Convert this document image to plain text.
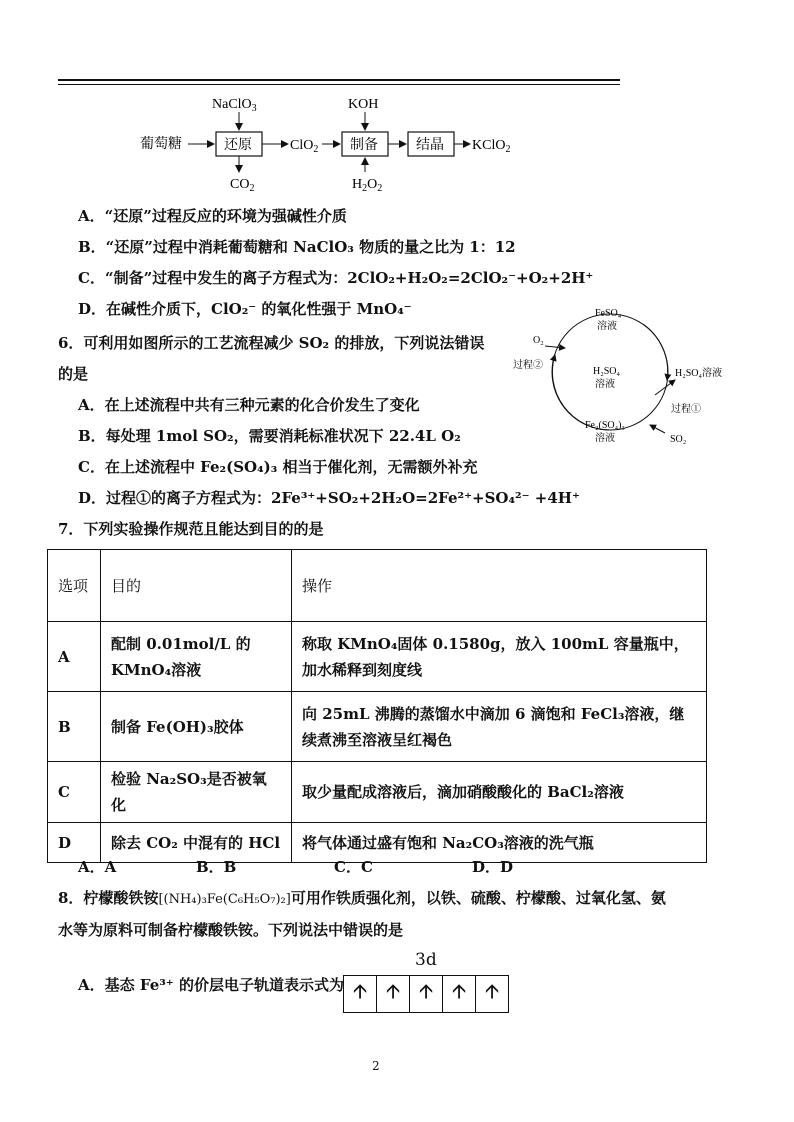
葡萄糖	还原
NaClO$_3$
$CO_2$
ClO$_2$ 制备
KOH
$H_2O_2$
结晶 KClO$_2$
A．“还原”过程反应的环境为强碱性介质
B．“还原”过程中消耗葡萄糖和 NaClO₃ 物质的量之比为 1：12
C．“制备”过程中发生的离子方程式为：2ClO₂+H₂O₂=2ClO₂⁻+O₂+2H⁺
D．在碱性介质下，ClO₂⁻ 的氧化性强于 MnO₄⁻
6．可利用如图所示的工艺流程减少 SO₂ 的排放，下列说法错误
的是
A．在上述流程中共有三种元素的化合价发生了变化
B．每处理 1mol SO₂，需要消耗标准状况下 22.4L O₂
C．在上述流程中 Fe₂(SO₄)₃ 相当于催化剂，无需额外补充
D．过程①的离子方程式为：2Fe³⁺+SO₂+2H₂O=2Fe²⁺+SO₄²⁻ +4H⁺
FeSO₄
溶液
O₂
过程②
H₂SO₄
溶液
H₂SO₄溶液
过程①
Fe₂(SO₄)₃
溶液	SO₂
7．下列实验操作规范且能达到目的的是
选项	目的	操作
A	配制 0.01mol/L 的 KMnO₄溶液	称取 KMnO₄固体 0.1580g，放入 100mL 容量瓶中，加水稀释到刻度线
B	制备 Fe(OH)₃胶体	向 25mL 沸腾的蒸馏水中滴加 6 滴饱和 FeCl₃溶液，继续煮沸至溶液呈红褐色
C	检验 Na₂SO₃是否被氧化	取少量配成溶液后，滴加硝酸酸化的 BaCl₂溶液
D	除去 CO₂ 中混有的 HCl	将气体通过盛有饱和 Na₂CO₃溶液的洗气瓶
A．A	B．B	C．C	D．D
8．柠檬酸铁铵[(NH₄)₃Fe(C₆H₅O₇)₂]可用作铁质强化剂，以铁、硫酸、柠檬酸、过氧化氢、氨
水等为原料可制备柠檬酸铁铵。下列说法中错误的是
3d
A．基态 Fe³⁺ 的价层电子轨道表示式为 🡩 🡩 🡩 🡩 🡩
2
